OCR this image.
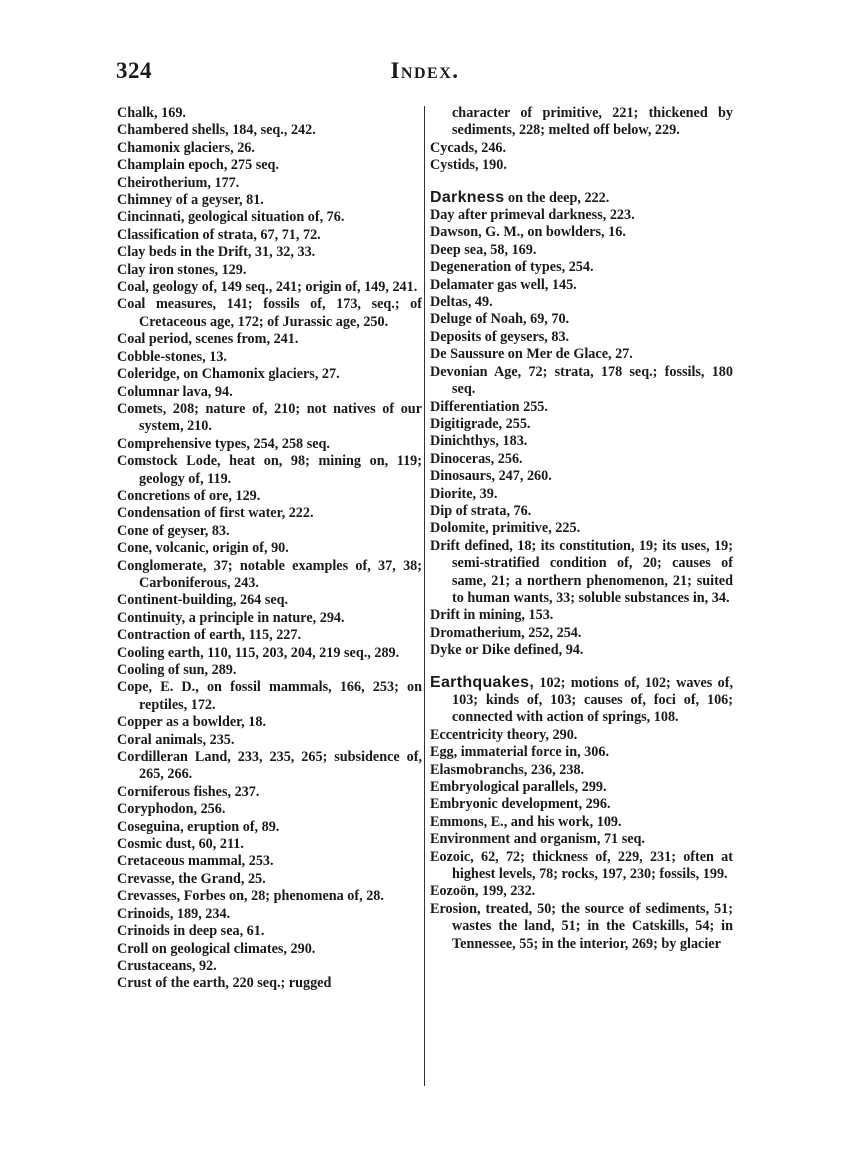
324	Index.

Chalk, 169.

Chambered shells, 184, seq., 242.

Chamonix glaciers, 26.

Champlain epoch, 275 seq.

Cheirotherium, 177.

Chimney of a geyser, 81.

Cincinnati, geological situation of, 76.

Classification of strata, 67, 71, 72.

Clay beds in the Drift, 31, 32, 33.

Clay iron stones, 129.

Coal, geology of, 149 seq., 241; origin of, 149, 241.

Coal measures, 141; fossils of, 173, seq.; of Cretaceous age, 172; of Jurassic age, 250.

Coal period, scenes from, 241.

Cobble-stones, 13.

Coleridge, on Chamonix glaciers, 27.

Columnar lava, 94.

Comets, 208; nature of, 210; not natives of our system, 210.

Comprehensive types, 254, 258 seq.

Comstock Lode, heat on, 98; mining on, 119; geology of, 119.

Concretions of ore, 129.

Condensation of first water, 222.

Cone of geyser, 83.

Cone, volcanic, origin of, 90.

Conglomerate, 37; notable examples of, 37, 38; Carboniferous, 243.

Continent-building, 264 seq.

Continuity, a principle in nature, 294.

Contraction of earth, 115, 227.

Cooling earth, 110, 115, 203, 204, 219 seq., 289.

Cooling of sun, 289.

Cope, E. D., on fossil mammals, 166, 253; on reptiles, 172.

Copper as a bowlder, 18.

Coral animals, 235.

Cordilleran Land, 233, 235, 265; subsidence of, 265, 266.

Corniferous fishes, 237.

Coryphodon, 256.

Coseguina, eruption of, 89.

Cosmic dust, 60, 211.

Cretaceous mammal, 253.

Crevasse, the Grand, 25.

Crevasses, Forbes on, 28; phenomena of, 28.

Crinoids, 189, 234.

Crinoids in deep sea, 61.

Croll on geological climates, 290.

Crustaceans, 92.

Crust of the earth, 220 seq.; rugged

character of primitive, 221; thickened by sediments, 228; melted off below, 229.

Cycads, 246.

Cystids, 190.

Darkness on the deep, 222.

Day after primeval darkness, 223.

Dawson, G. M., on bowlders, 16.

Deep sea, 58, 169.

Degeneration of types, 254.

Delamater gas well, 145.

Deltas, 49.

Deluge of Noah, 69, 70.

Deposits of geysers, 83.

De Saussure on Mer de Glace, 27.

Devonian Age, 72; strata, 178 seq.; fossils, 180 seq.

Differentiation 255.

Digitigrade, 255.

Dinichthys, 183.

Dinoceras, 256.

Dinosaurs, 247, 260.

Diorite, 39.

Dip of strata, 76.

Dolomite, primitive, 225.

Drift defined, 18; its constitution, 19; its uses, 19; semi-stratified condition of, 20; causes of same, 21; a northern phenomenon, 21; suited to human wants, 33; soluble substances in, 34.

Drift in mining, 153.

Dromatherium, 252, 254.

Dyke or Dike defined, 94.

Earthquakes, 102; motions of, 102; waves of, 103; kinds of, 103; causes of, foci of, 106; connected with action of springs, 108.

Eccentricity theory, 290.

Egg, immaterial force in, 306.

Elasmobranchs, 236, 238.

Embryological parallels, 299.

Embryonic development, 296.

Emmons, E., and his work, 109.

Environment and organism, 71 seq.

Eozoic, 62, 72; thickness of, 229, 231; often at highest levels, 78; rocks, 197, 230; fossils, 199.

Eozoön, 199, 232.

Erosion, treated, 50; the source of sediments, 51; wastes the land, 51; in the Catskills, 54; in Tennessee, 55; in the interior, 269; by glacier
